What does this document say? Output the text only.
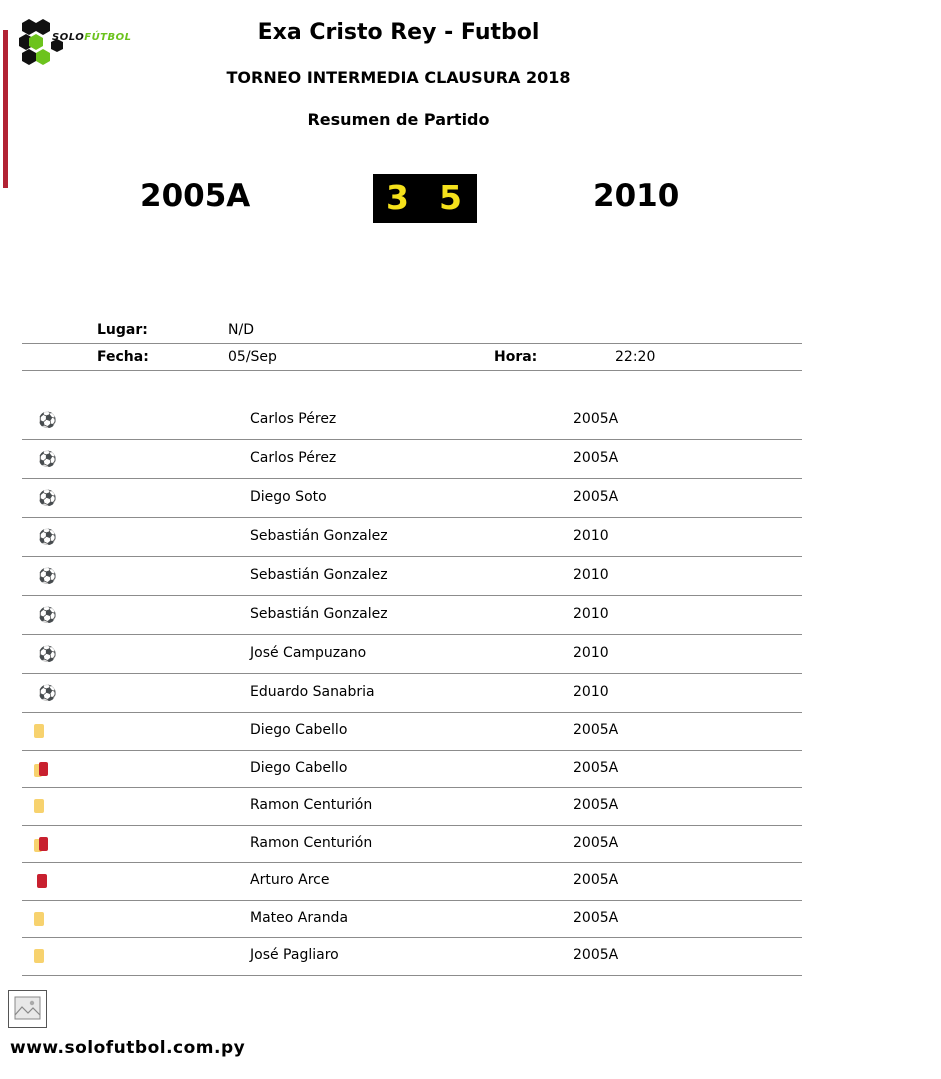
SOLOFÚTBOL	Exa Cristo Rey - Futbol
TORNEO INTERMEDIA CLAUSURA 2018
Resumen de Partido
2005A	3 5	2010
Lugar:	N/D
Fecha:	05/Sep	Hora:	22:20
⚽	Carlos Pérez	2005A
⚽	Carlos Pérez	2005A
⚽	Diego Soto	2005A
⚽	Sebastián Gonzalez	2010
⚽	Sebastián Gonzalez	2010
⚽	Sebastián Gonzalez	2010
⚽	José Campuzano	2010
⚽	Eduardo Sanabria	2010
Diego Cabello	2005A
Diego Cabello	2005A
Ramon Centurión	2005A
Ramon Centurión	2005A
Arturo Arce	2005A
Mateo Aranda	2005A
José Pagliaro	2005A
www.solofutbol.com.py
